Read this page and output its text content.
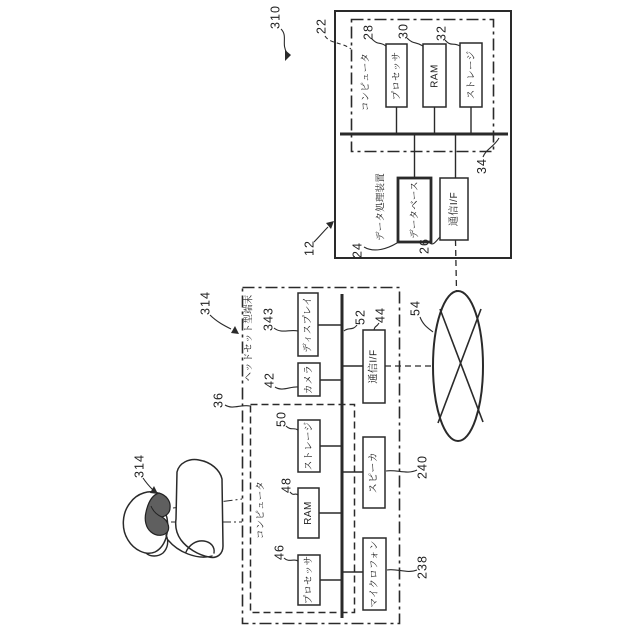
コンピュータ プロセッサ	RAM	ストレージ
データ処理装置 データベース	通信I/F
310	22	28 30 32
34
12	24	26
54
ヘッドセット型端末
コンピュータ
ディスプレイ
カメラ
ストレージ
RAM
プロセッサ
通信I/F
スピーカ
マイクロフォン
314
36
343
42
50
48
46
52 44
240
238
314
